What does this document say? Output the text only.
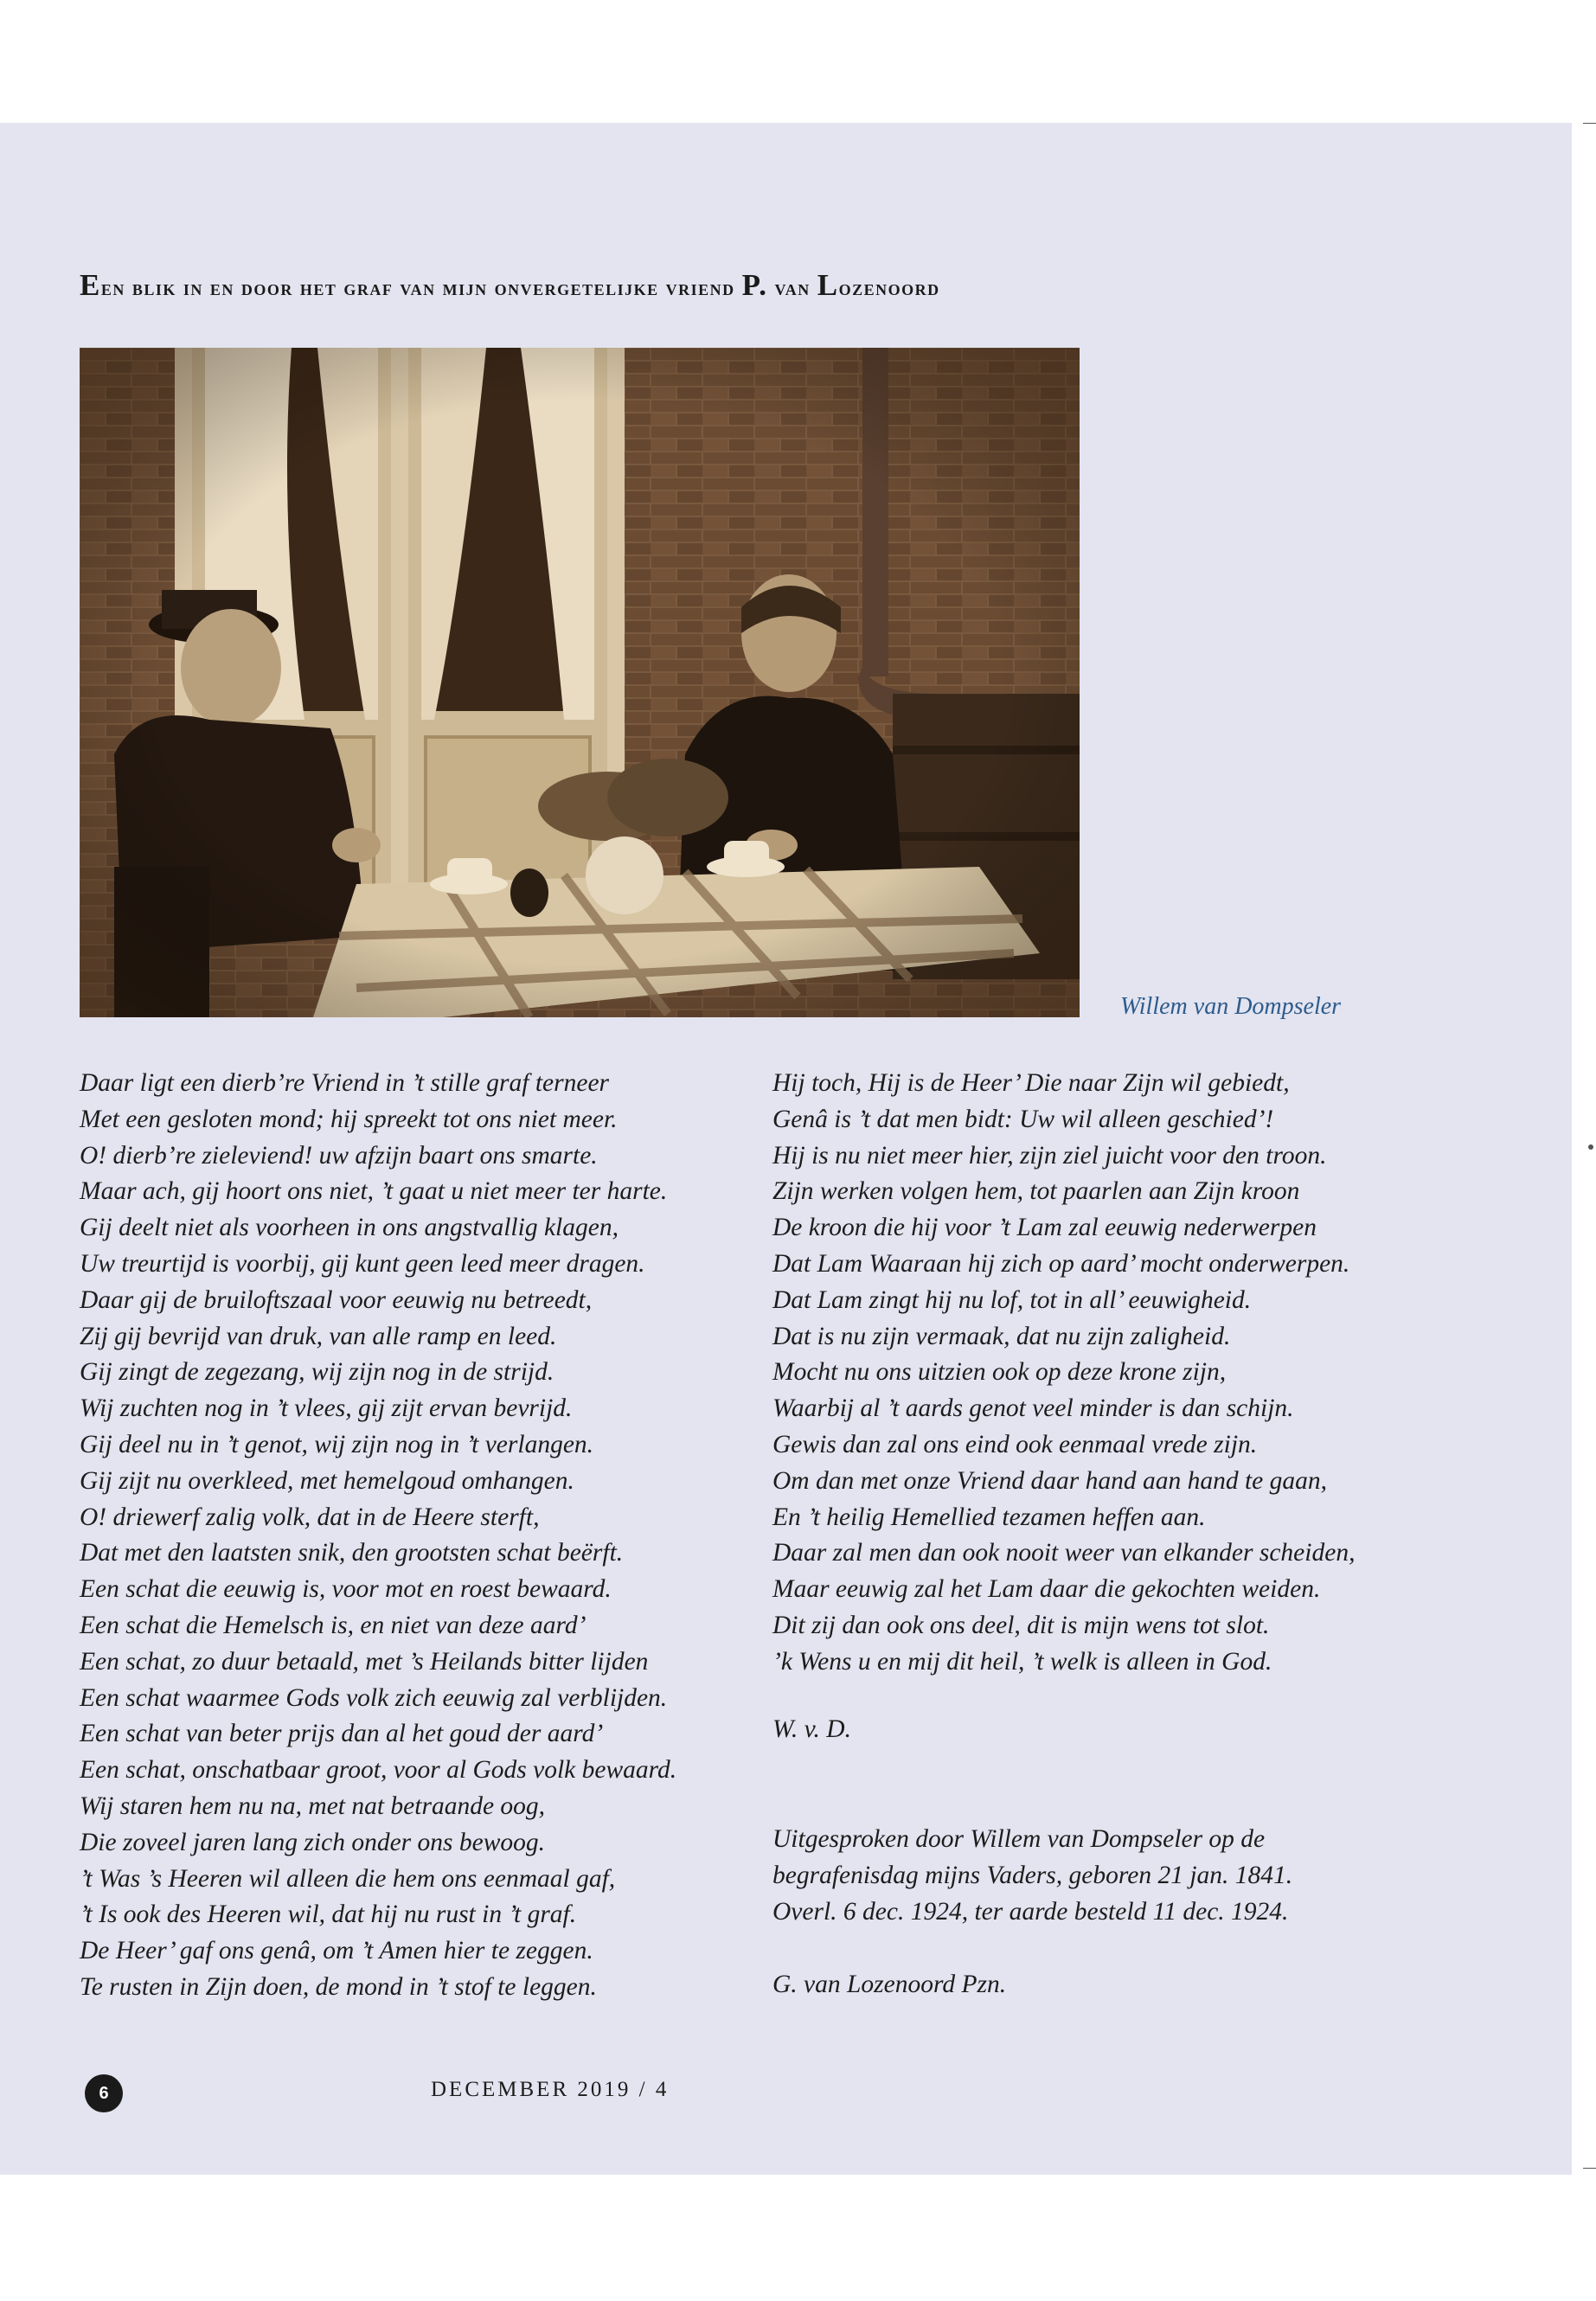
Een blik in en door het graf van mijn onvergetelijke vriend P. van Lozenoord
Willem van Dompseler
Daar ligt een dierb’re Vriend in ’t stille graf terneer
Met een gesloten mond; hij spreekt tot ons niet meer.
O! dierb’re zieleviend! uw afzijn baart ons smarte.
Maar ach, gij hoort ons niet, ’t gaat u niet meer ter harte.
Gij deelt niet als voorheen in ons angstvallig klagen,
Uw treurtijd is voorbij, gij kunt geen leed meer dragen.
Daar gij de bruiloftszaal voor eeuwig nu betreedt,
Zij gij bevrijd van druk, van alle ramp en leed.
Gij zingt de zegezang, wij zijn nog in de strijd.
Wij zuchten nog in ’t vlees, gij zijt ervan bevrijd.
Gij deel nu in ’t genot, wij zijn nog in ’t verlangen.
Gij zijt nu overkleed, met hemelgoud omhangen.
O! driewerf zalig volk, dat in de Heere sterft,
Dat met den laatsten snik, den grootsten schat beërft.
Een schat die eeuwig is, voor mot en roest bewaard.
Een schat die Hemelsch is, en niet van deze aard’
Een schat, zo duur betaald, met ’s Heilands bitter lijden
Een schat waarmee Gods volk zich eeuwig zal verblijden.
Een schat van beter prijs dan al het goud der aard’
Een schat, onschatbaar groot, voor al Gods volk bewaard.
Wij staren hem nu na, met nat betraande oog,
Die zoveel jaren lang zich onder ons bewoog.
’t Was ’s Heeren wil alleen die hem ons eenmaal gaf,
’t Is ook des Heeren wil, dat hij nu rust in ’t graf.
De Heer’ gaf ons genâ, om ’t Amen hier te zeggen.
Te rusten in Zijn doen, de mond in ’t stof te leggen.
Hij toch, Hij is de Heer’ Die naar Zijn wil gebiedt,
Genâ is ’t dat men bidt: Uw wil alleen geschied’!
Hij is nu niet meer hier, zijn ziel juicht voor den troon.
Zijn werken volgen hem, tot paarlen aan Zijn kroon
De kroon die hij voor ’t Lam zal eeuwig nederwerpen
Dat Lam Waaraan hij zich op aard’ mocht onderwerpen.
Dat Lam zingt hij nu lof, tot in all’ eeuwigheid.
Dat is nu zijn vermaak, dat nu zijn zaligheid.
Mocht nu ons uitzien ook op deze krone zijn,
Waarbij al ’t aards genot veel minder is dan schijn.
Gewis dan zal ons eind ook eenmaal vrede zijn.
Om dan met onze Vriend daar hand aan hand te gaan,
En ’t heilig Hemellied tezamen heffen aan.
Daar zal men dan ook nooit weer van elkander scheiden,
Maar eeuwig zal het Lam daar die gekochten weiden.
Dit zij dan ook ons deel, dit is mijn wens tot slot.
’k Wens u en mij dit heil, ’t welk is alleen in God.
W. v. D.
Uitgesproken door Willem van Dompseler op de
begrafenisdag mijns Vaders, geboren 21 jan. 1841.
Overl. 6 dec. 1924, ter aarde besteld 11 dec. 1924.
G. van Lozenoord Pzn.
6	DECEMBER 2019 / 4
